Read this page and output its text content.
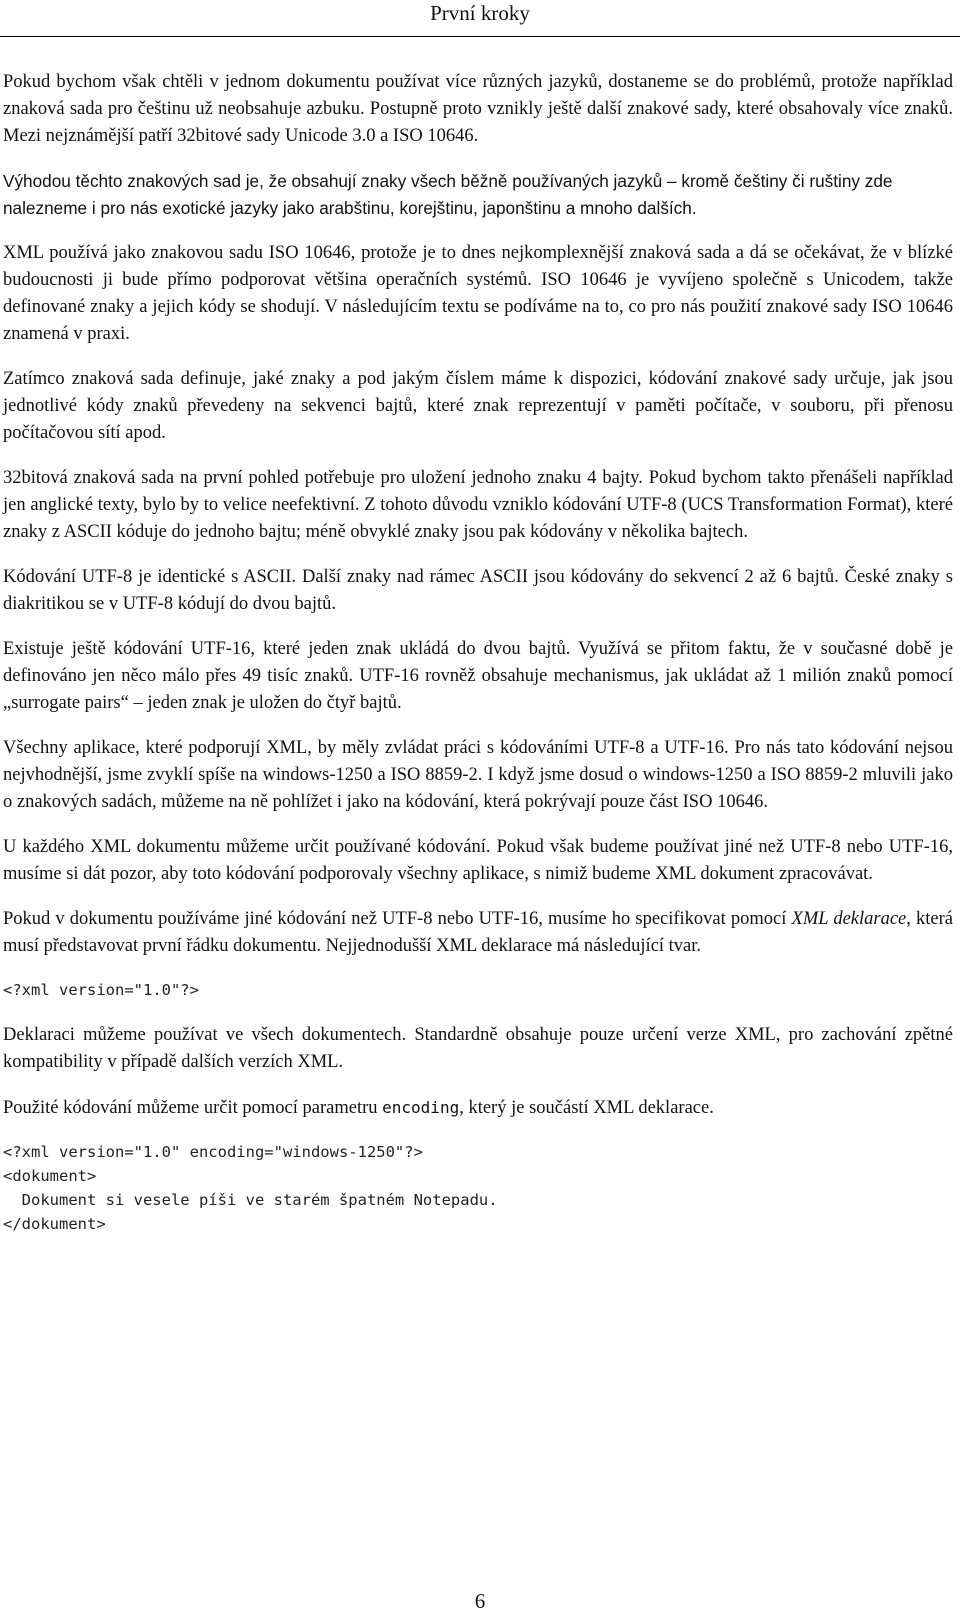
První kroky

Pokud bychom však chtěli v jednom dokumentu používat více různých jazyků, dostaneme se do problémů, protože například znaková sada pro češtinu už neobsahuje azbuku. Postupně proto vznikly ještě další znakové sady, které obsahovaly více znaků. Mezi nejznámější patří 32bitové sady Unicode 3.0 a ISO 10646.

Výhodou těchto znakových sad je, že obsahují znaky všech běžně používaných jazyků – kromě češtiny či ruštiny zde nalezneme i pro nás exotické jazyky jako arabštinu, korejštinu, japonštinu a mnoho dalších.

XML používá jako znakovou sadu ISO 10646, protože je to dnes nejkomplexnější znaková sada a dá se očekávat, že v blízké budoucnosti ji bude přímo podporovat většina operačních systémů. ISO 10646 je vyvíjeno společně s Unicodem, takže definované znaky a jejich kódy se shodují. V následujícím textu se podíváme na to, co pro nás použití znakové sady ISO 10646 znamená v praxi.

Zatímco znaková sada definuje, jaké znaky a pod jakým číslem máme k dispozici, kódování znakové sady určuje, jak jsou jednotlivé kódy znaků převedeny na sekvenci bajtů, které znak reprezentují v paměti počítače, v souboru, při přenosu počítačovou sítí apod.

32bitová znaková sada na první pohled potřebuje pro uložení jednoho znaku 4 bajty. Pokud bychom takto přenášeli například jen anglické texty, bylo by to velice neefektivní. Z tohoto důvodu vzniklo kódování UTF-8 (UCS Transformation Format), které znaky z ASCII kóduje do jednoho bajtu; méně obvyklé znaky jsou pak kódovány v několika bajtech.

Kódování UTF-8 je identické s ASCII. Další znaky nad rámec ASCII jsou kódovány do sekvencí 2 až 6 bajtů. České znaky s diakritikou se v UTF-8 kódují do dvou bajtů.

Existuje ještě kódování UTF-16, které jeden znak ukládá do dvou bajtů. Využívá se přitom faktu, že v současné době je definováno jen něco málo přes 49 tisíc znaků. UTF-16 rovněž obsahuje mechanismus, jak ukládat až 1 milión znaků pomocí „surrogate pairs“ – jeden znak je uložen do čtyř bajtů.

Všechny aplikace, které podporují XML, by měly zvládat práci s kódováními UTF-8 a UTF-16. Pro nás tato kódování nejsou nejvhodnější, jsme zvyklí spíše na windows-1250 a ISO 8859-2. I když jsme dosud o windows-1250 a ISO 8859-2 mluvili jako o znakových sadách, můžeme na ně pohlížet i jako na kódování, která pokrývají pouze část ISO 10646.

U každého XML dokumentu můžeme určit používané kódování. Pokud však budeme používat jiné než UTF-8 nebo UTF-16, musíme si dát pozor, aby toto kódování podporovaly všechny aplikace, s nimiž budeme XML dokument zpracovávat.

Pokud v dokumentu používáme jiné kódování než UTF-8 nebo UTF-16, musíme ho specifikovat pomocí XML deklarace, která musí představovat první řádku dokumentu. Nejjednodušší XML deklarace má následující tvar.

<?xml version="1.0"?>

Deklaraci můžeme používat ve všech dokumentech. Standardně obsahuje pouze určení verze XML, pro zachování zpětné kompatibility v případě dalších verzích XML.

Použité kódování můžeme určit pomocí parametru encoding, který je součástí XML deklarace.

<?xml version="1.0" encoding="windows-1250"?>
<dokument>
Dokument si vesele píši ve starém špatném Notepadu.
</dokument>
6
